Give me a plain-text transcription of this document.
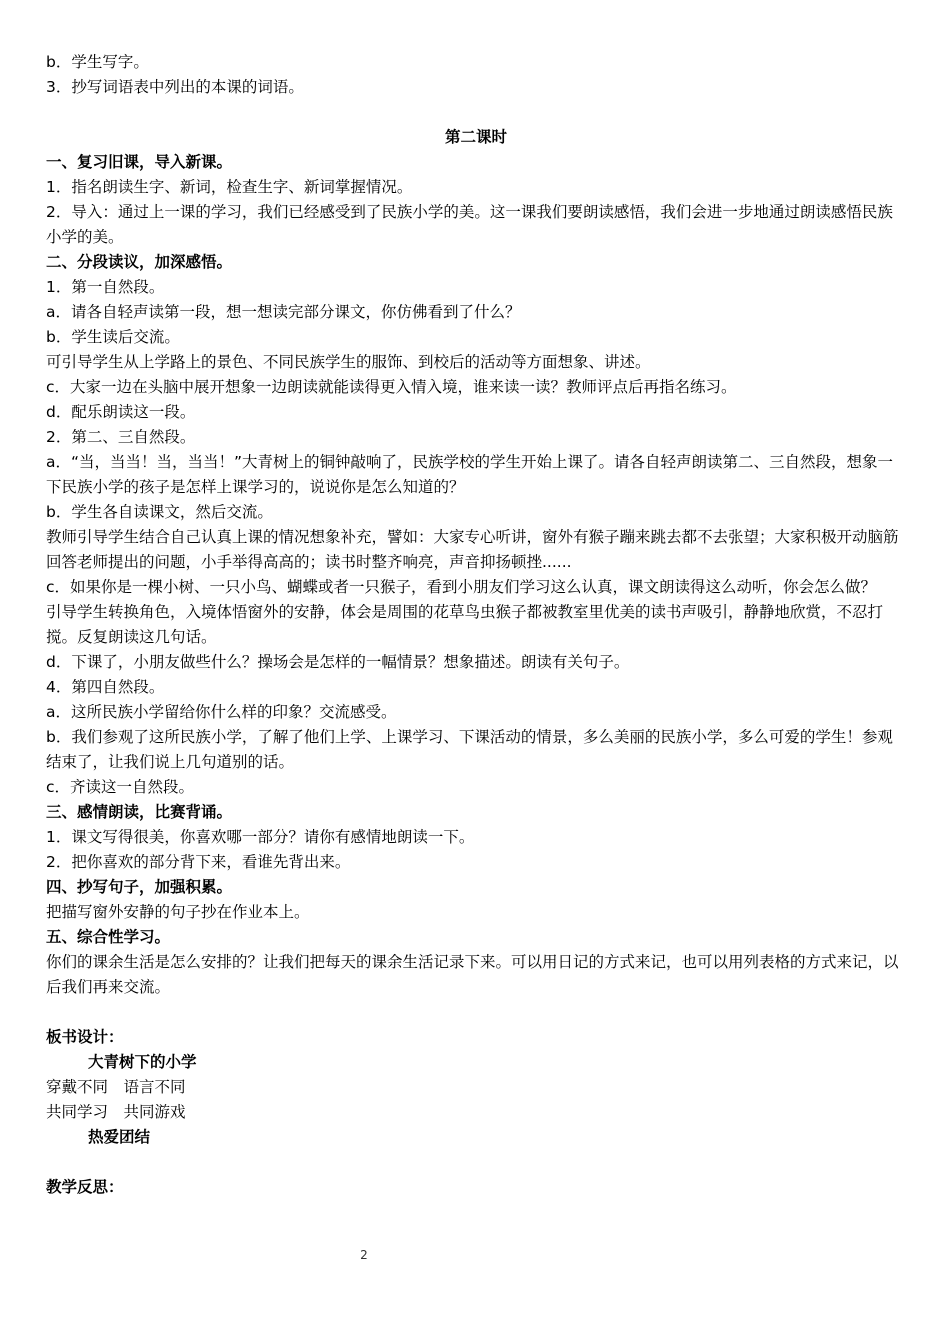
b．学生写字。

3．抄写词语表中列出的本课的词语。

第二课时

一、复习旧课，导入新课。

1．指名朗读生字、新词，检查生字、新词掌握情况。

2．导入：通过上一课的学习，我们已经感受到了民族小学的美。这一课我们要朗读感悟，我们会进一步地通过朗读感悟民族小学的美。

二、分段读议，加深感悟。

1．第一自然段。

a．请各自轻声读第一段，想一想读完部分课文，你仿佛看到了什么？

b．学生读后交流。

可引导学生从上学路上的景色、不同民族学生的服饰、到校后的活动等方面想象、讲述。

c．大家一边在头脑中展开想象一边朗读就能读得更入情入境，谁来读一读？教师评点后再指名练习。

d．配乐朗读这一段。

2．第二、三自然段。

a．“当，当当！当，当当！”大青树上的铜钟敲响了，民族学校的学生开始上课了。请各自轻声朗读第二、三自然段，想象一下民族小学的孩子是怎样上课学习的，说说你是怎么知道的？

b．学生各自读课文，然后交流。

教师引导学生结合自己认真上课的情况想象补充，譬如：大家专心听讲，窗外有猴子蹦来跳去都不去张望；大家积极开动脑筋回答老师提出的问题，小手举得高高的；读书时整齐响亮，声音抑扬顿挫......

c．如果你是一棵小树、一只小鸟、蝴蝶或者一只猴子，看到小朋友们学习这么认真，课文朗读得这么动听，你会怎么做？

引导学生转换角色，入境体悟窗外的安静，体会是周围的花草鸟虫猴子都被教室里优美的读书声吸引，静静地欣赏，不忍打搅。反复朗读这几句话。

d．下课了，小朋友做些什么？操场会是怎样的一幅情景？想象描述。朗读有关句子。

4．第四自然段。

a．这所民族小学留给你什么样的印象？交流感受。

b．我们参观了这所民族小学，了解了他们上学、上课学习、下课活动的情景，多么美丽的民族小学，多么可爱的学生！参观结束了，让我们说上几句道别的话。

c．齐读这一自然段。

三、感情朗读，比赛背诵。

1．课文写得很美，你喜欢哪一部分？请你有感情地朗读一下。

2．把你喜欢的部分背下来，看谁先背出来。

四、抄写句子，加强积累。

把描写窗外安静的句子抄在作业本上。

五、综合性学习。

你们的课余生活是怎么安排的？让我们把每天的课余生活记录下来。可以用日记的方式来记，也可以用列表格的方式来记，以后我们再来交流。

板书设计：

大青树下的小学

穿戴不同　语言不同

共同学习　共同游戏

热爱团结

教学反思：

2
